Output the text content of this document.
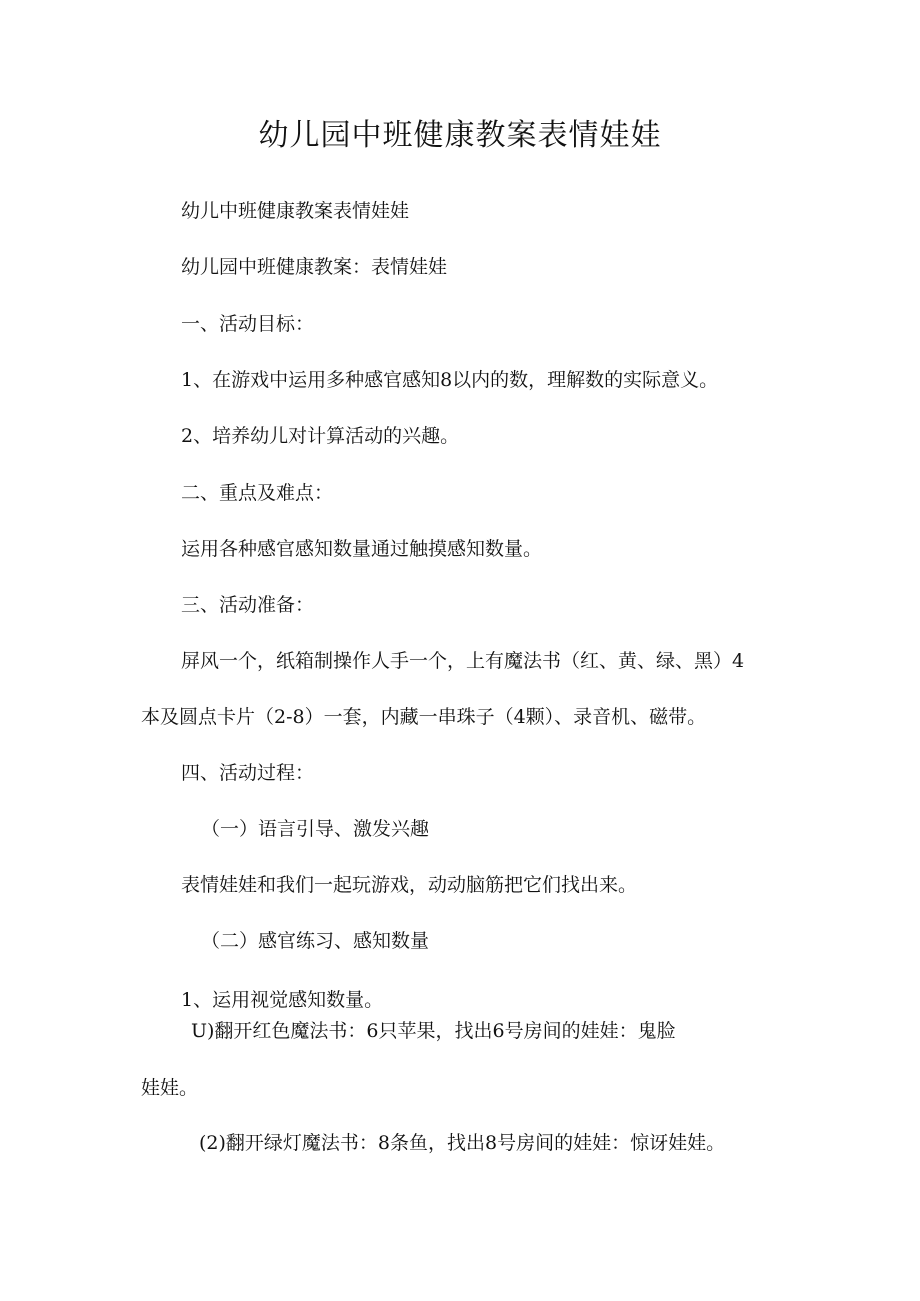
幼儿园中班健康教案表情娃娃
幼儿中班健康教案表情娃娃
幼儿园中班健康教案：表情娃娃
一、活动目标：
1、在游戏中运用多种感官感知8以内的数，理解数的实际意义。
2、培养幼儿对计算活动的兴趣。
二、重点及难点：
运用各种感官感知数量通过触摸感知数量。
三、活动准备：
屏风一个，纸箱制操作人手一个，上有魔法书（红、黄、绿、黑）4
本及圆点卡片（2-8）一套，内藏一串珠子（4颗）、录音机、磁带。
四、活动过程：
（一）语言引导、激发兴趣
表情娃娃和我们一起玩游戏，动动脑筋把它们找出来。
（二）感官练习、感知数量
1、运用视觉感知数量。
U)翻开红色魔法书：6只苹果，找出6号房间的娃娃：鬼脸
娃娃。
(2)翻开绿灯魔法书：8条鱼，找出8号房间的娃娃：惊讶娃娃。
